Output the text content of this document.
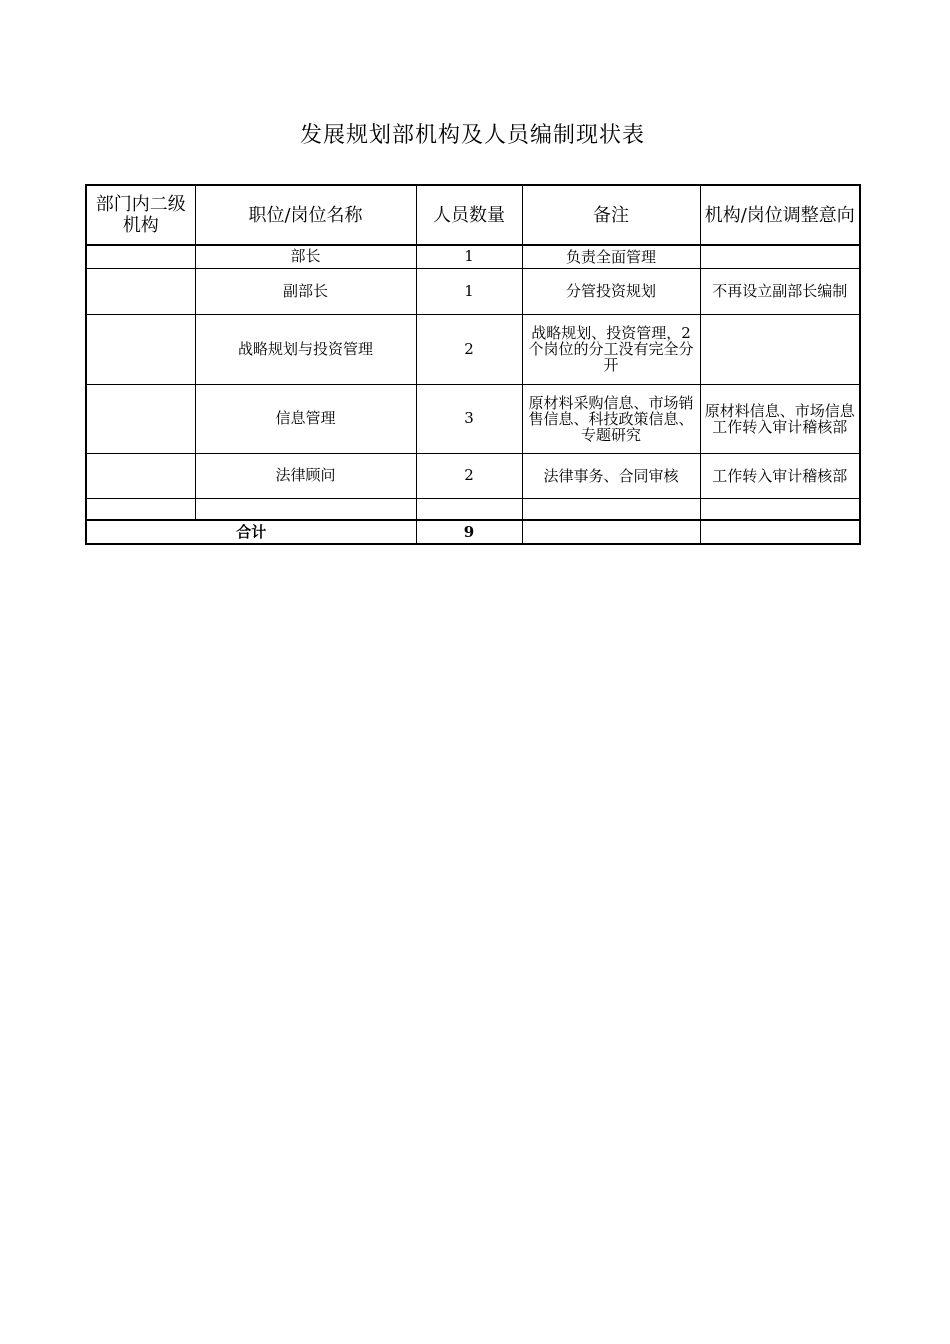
发展规划部机构及人员编制现状表
部门内二级机构	职位/岗位名称	人员数量	备注	机构/岗位调整意向
	部长	1	负责全面管理	
	副部长	1	分管投资规划	不再设立副部长编制
	战略规划与投资管理	2	战略规划、投资管理，2个岗位的分工没有完全分开	
	信息管理	3	原材料采购信息、市场销售信息、科技政策信息、专题研究	原材料信息、市场信息工作转入审计稽核部
	法律顾问	2	法律事务、合同审核	工作转入审计稽核部

合计		9		
